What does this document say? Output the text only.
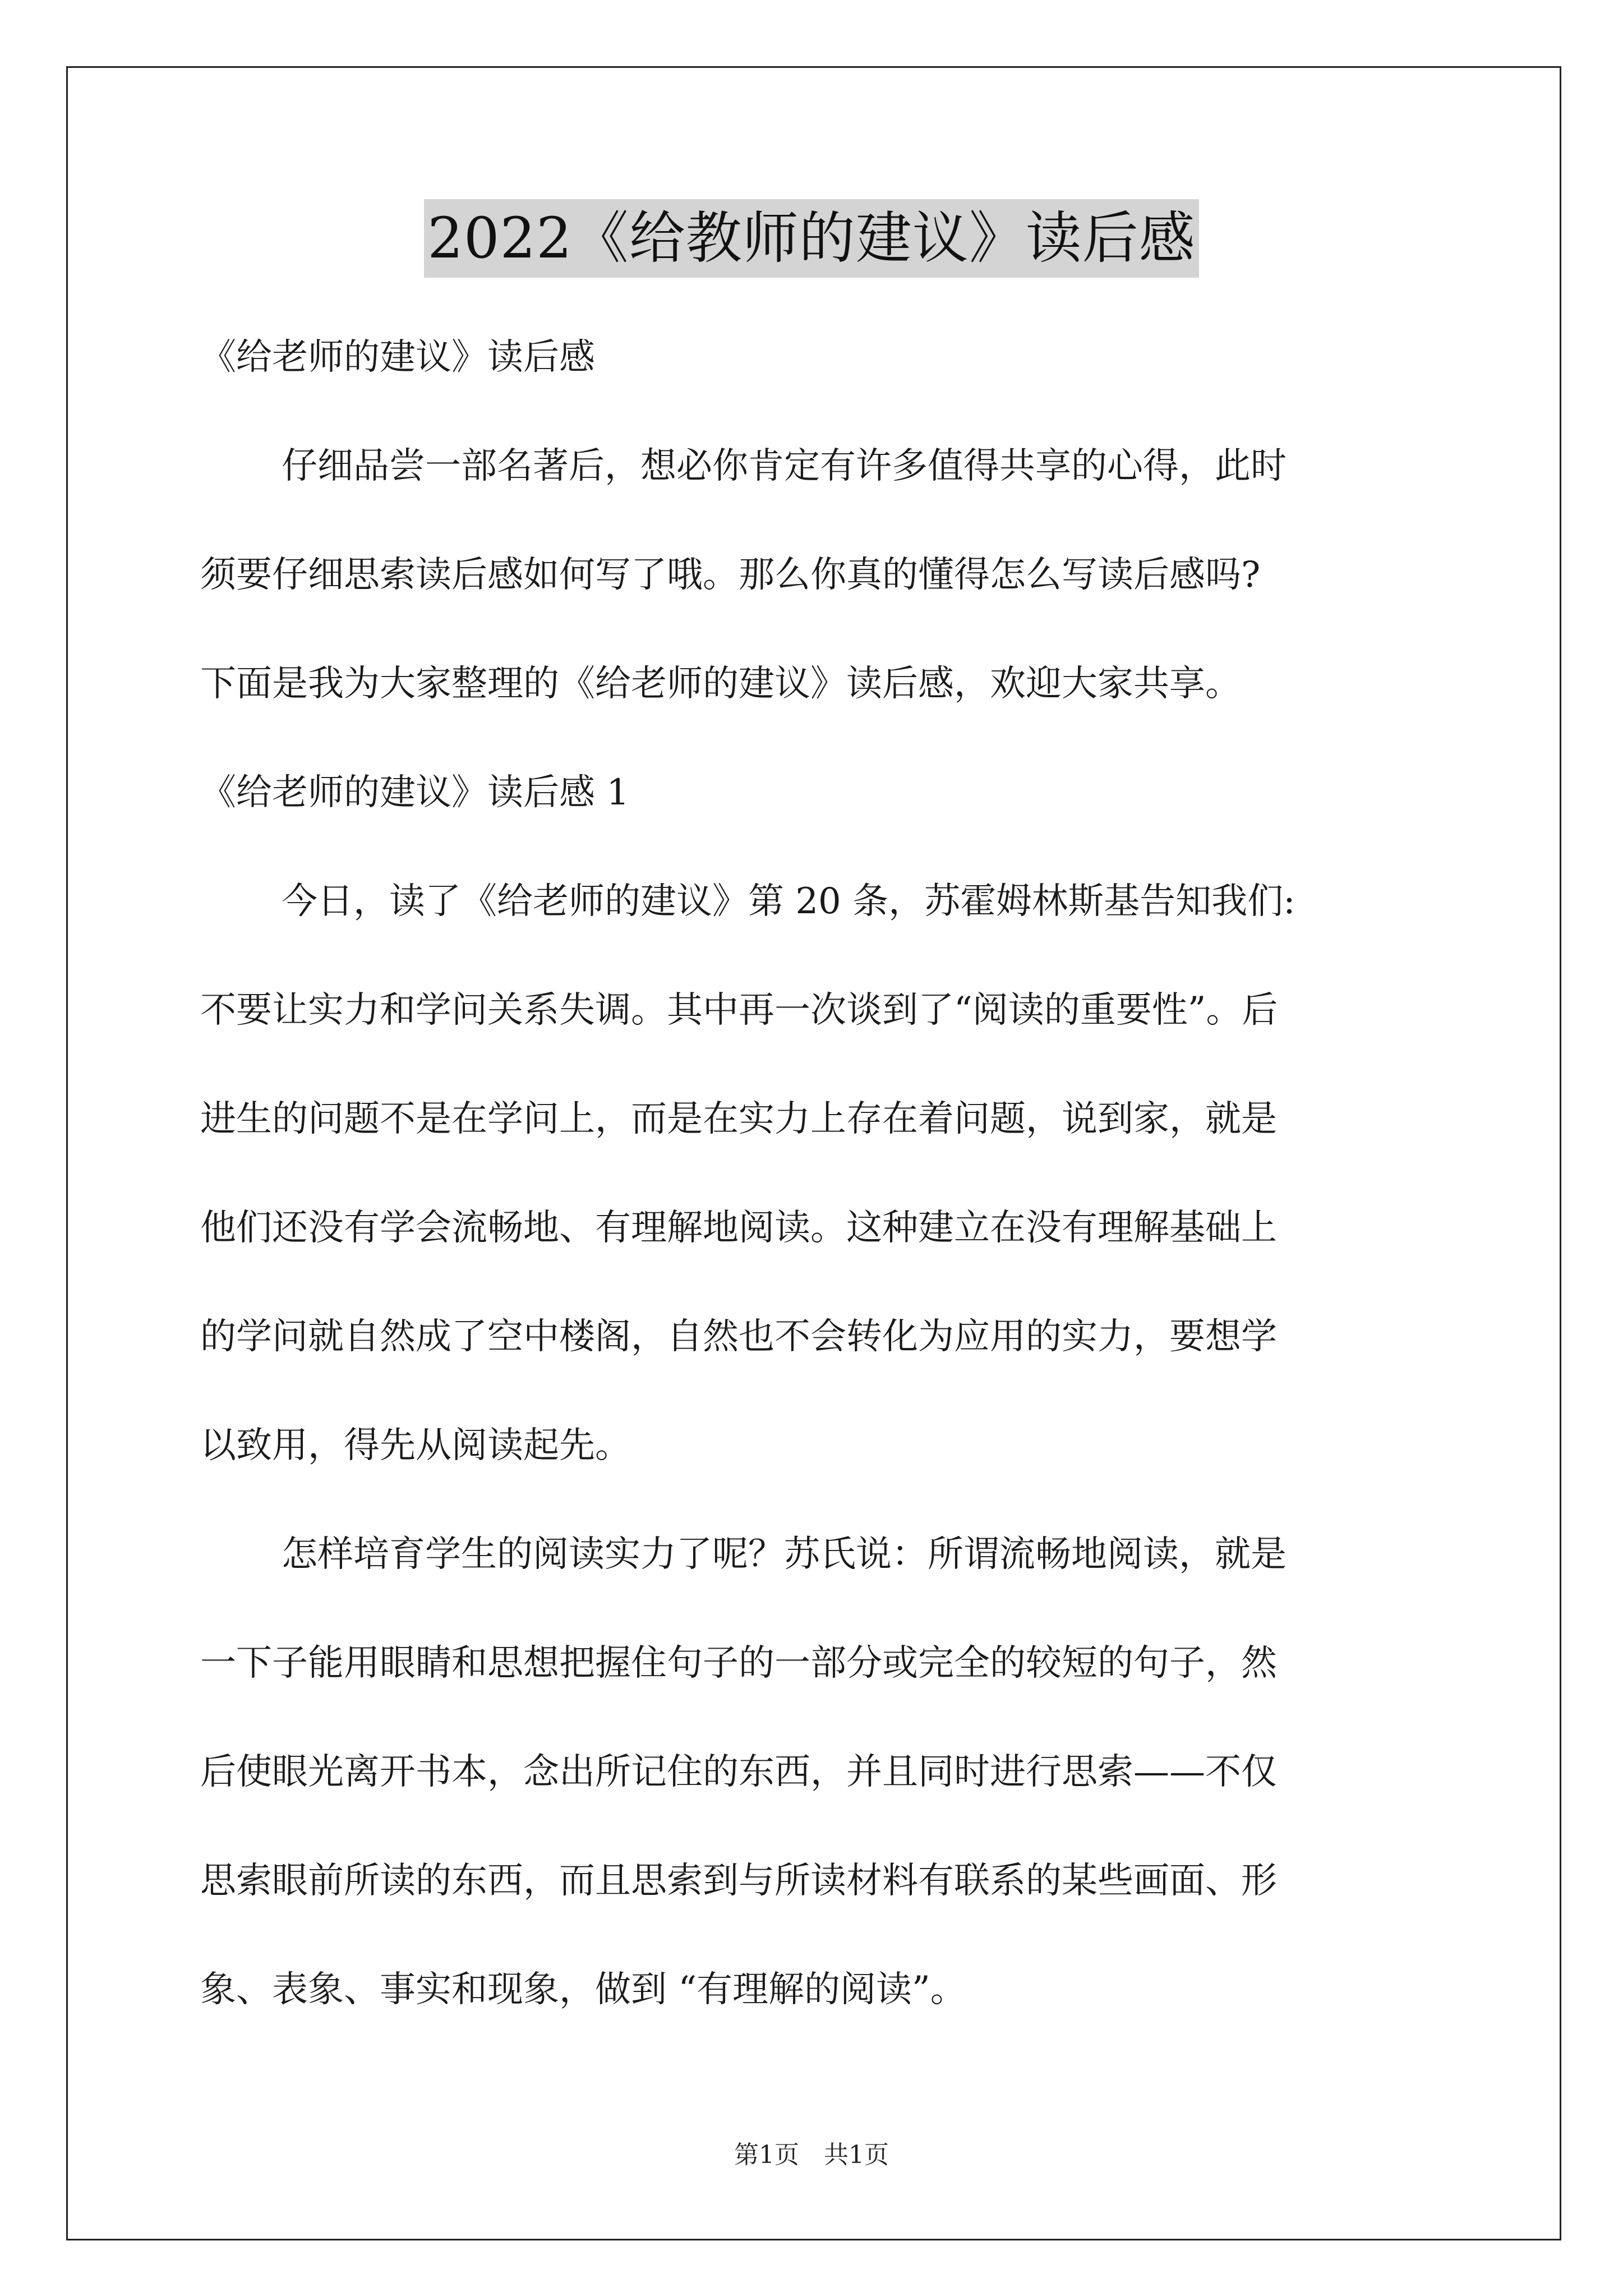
2022《给教师的建议》读后感
《给老师的建议》读后感
仔细品尝一部名著后，想必你肯定有许多值得共享的心得，此时
须要仔细思索读后感如何写了哦。那么你真的懂得怎么写读后感吗?
下面是我为大家整理的《给老师的建议》读后感，欢迎大家共享。
《给老师的建议》读后感 1
今日，读了《给老师的建议》第 20 条，苏霍姆林斯基告知我们:
不要让实力和学问关系失调。其中再一次谈到了“阅读的重要性”。后
进生的问题不是在学问上，而是在实力上存在着问题，说到家，就是
他们还没有学会流畅地、有理解地阅读。这种建立在没有理解基础上
的学问就自然成了空中楼阁，自然也不会转化为应用的实力，要想学
以致用，得先从阅读起先。
怎样培育学生的阅读实力了呢？苏氏说：所谓流畅地阅读，就是
一下子能用眼睛和思想把握住句子的一部分或完全的较短的句子，然
后使眼光离开书本，念出所记住的东西，并且同时进行思索——不仅
思索眼前所读的东西，而且思索到与所读材料有联系的某些画面、形
象、表象、事实和现象，做到 “有理解的阅读”。
第1页　共1页
